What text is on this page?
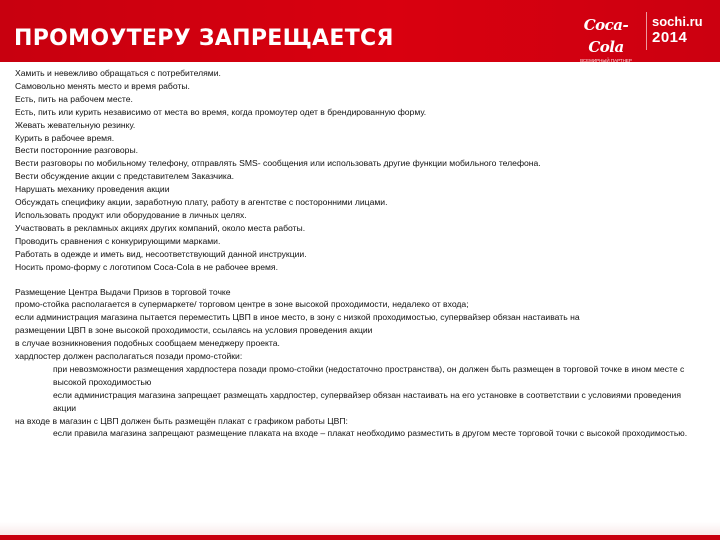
ПРОМОУТЕРУ ЗАПРЕЩАЕТСЯ
Coca-Cola
ВСЕМИРНЫЙ ПАРТНЕР
sochi.ru
2014
Хамить и невежливо обращаться с потребителями.
Самовольно менять место и время работы.
Есть, пить на рабочем месте.
Есть, пить или курить независимо от места во время, когда промоутер одет в брендированную форму.
Жевать жевательную резинку.
Курить в рабочее время.
Вести посторонние разговоры.
Вести разговоры по мобильному телефону, отправлять SMS- сообщения или использовать другие функции мобильного телефона.
Вести обсуждение акции с представителем Заказчика.
Нарушать механику проведения акции
Обсуждать специфику акции, заработную плату, работу в агентстве с посторонними лицами.
Использовать продукт или оборудование в личных целях.
Участвовать в рекламных акциях других компаний, около места работы.
Проводить сравнения с конкурирующими марками.
Работать в одежде и иметь вид, несоответствующий данной инструкции.
Носить промо-форму с логотипом Coca-Cola в не рабочее время.
Размещение Центра Выдачи Призов в торговой точке
промо-стойка располагается в супермаркете/ торговом центре в зоне высокой проходимости, недалеко от входа;
если администрация магазина пытается переместить ЦВП в иное место, в зону с низкой проходимостью, супервайзер обязан настаивать на
размещении ЦВП в зоне высокой проходимости, ссылаясь на условия проведения акции
в случае возникновения подобных сообщаем менеджеру проекта.
хардпостер должен располагаться позади промо-стойки:
при невозможности размещения хардпостера позади промо-стойки (недостаточно пространства), он должен быть размещен в торговой точке в ином месте с высокой проходимостью
если администрация магазина запрещает размещать хардпостер, супервайзер обязан настаивать на его установке в соответствии с условиями проведения акции
на входе в магазин с ЦВП должен быть размещён плакат с графиком работы ЦВП:
если правила магазина запрещают размещение плаката на входе – плакат необходимо разместить в другом месте торговой точки с высокой проходимостью.
